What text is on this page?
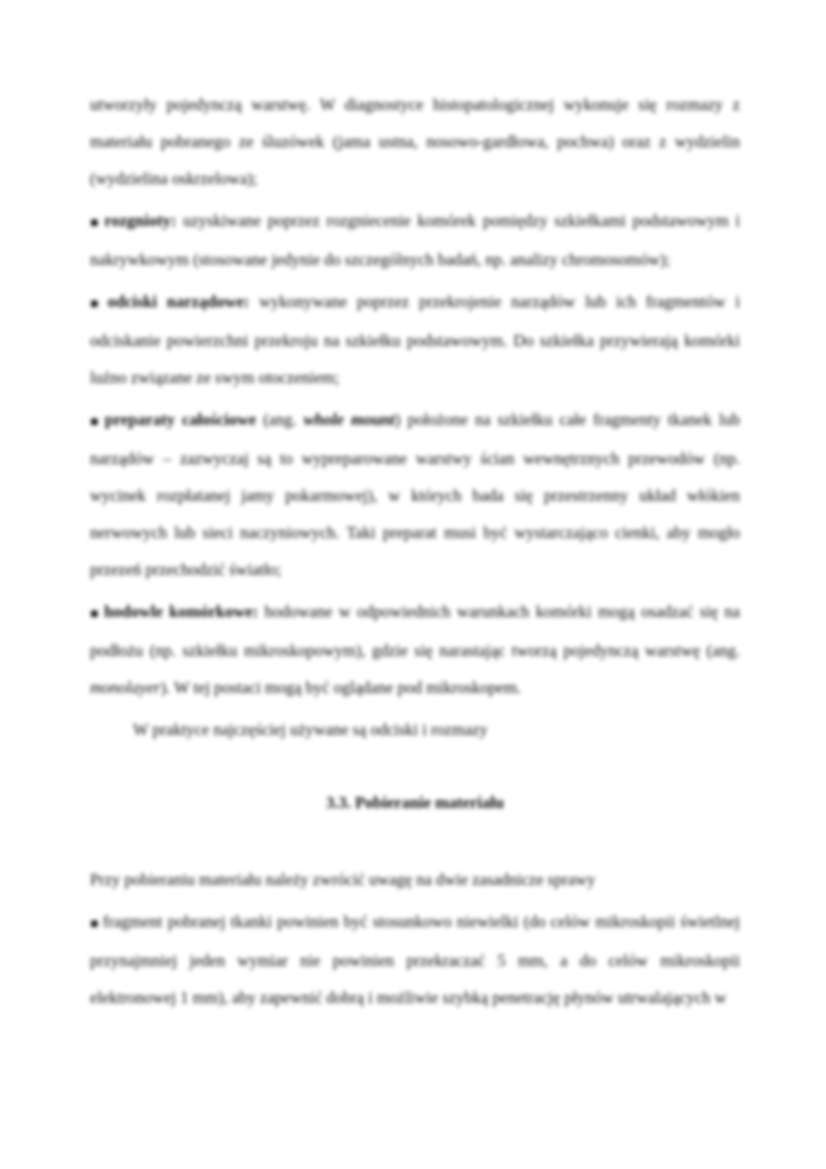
utworzyły pojedynczą warstwę. W diagnostyce histopatologicznej wykonuje się rozmazy z materiału pobranego ze śluzówek (jama ustna, nosowo-gardłowa, pochwa) oraz z wydzielin (wydzielina oskrzelowa);
▪ rozgnioty: uzyskiwane poprzez rozgniecenie komórek pomiędzy szkiełkami podstawowym i nakrywkowym (stosowane jedynie do szczególnych badań, np. analizy chromosomów);
▪ odciski narządowe: wykonywane poprzez przekrojenie narządów lub ich fragmentów i odciskanie powierzchni przekroju na szkiełku podstawowym. Do szkiełka przywierają komórki luźno związane ze swym otoczeniem;
▪ preparaty całościowe (ang. whole mount) położone na szkiełku całe fragmenty tkanek lub narządów – zazwyczaj są to wypreparowane warstwy ścian wewnętrznych przewodów (np. wycinek rozpłatanej jamy pokarmowej), w których bada się przestrzenny układ włókien nerwowych lub sieci naczyniowych. Taki preparat musi być wystarczająco cienki, aby mogło przezeń przechodzić światło;
▪ hodowle komórkowe: hodowane w odpowiednich warunkach komórki mogą osadzać się na podłożu (np. szkiełku mikroskopowym), gdzie się narastając tworzą pojedynczą warstwę (ang. monolayer). W tej postaci mogą być oglądane pod mikroskopem.
W praktyce najczęściej używane są odciski i rozmazy
3.3. Pobieranie materiału
Przy pobieraniu materiału należy zwrócić uwagę na dwie zasadnicze sprawy
▪ fragment pobranej tkanki powinien być stosunkowo niewielki (do celów mikroskopii świetlnej przynajmniej jeden wymiar nie powinien przekraczać 5 mm, a do celów mikroskopii elektronowej 1 mm), aby zapewnić dobrą i możliwie szybką penetrację płynów utrwalających w
